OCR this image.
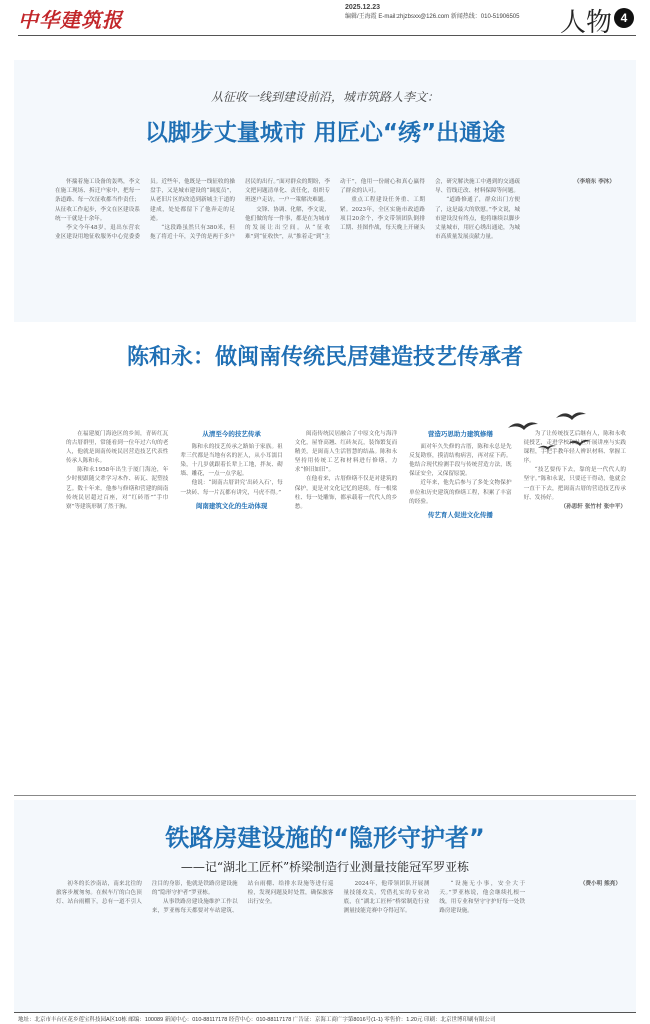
中华建筑报
2025.12.23
编辑/王海霞 E-mail:zhjzbsxx@126.com 新闻热线：010-51906505	人物 4
从征收一线到建设前沿，城市筑路人李文：
以脚步丈量城市 用匠心“绣”出通途

怀揣着施工设备的轰鸣，李文在施工现场、拆迁户家中，把每一条道路、每一次征收都当作责任；从征收工作起步，李文在区建设系统一干就是十余年。

李文今年48岁，退出东营农业区建设用地征收服务中心党委委员。近些年，他既是一线征收的操盘手，又是城市建设的“调度员”，从老旧片区的改造到新城主干道的建成，处处都留下了他奔走的足迹。

“这段路虽然只有380米，但拖了将近十年，关乎的是两千多户居民的出行。”面对群众的期盼，李文把问题清单化、责任化，组织专班逐户走访，一户一策解决难题。

交锋、协调、化解，李文说，他们做的每一件事，都是在为城市的发展让出空间。从“征收难”到“征收快”，从“推着走”到“主动干”，他用一份耐心和真心赢得了群众的认可。

重点工程建设任务重、工期紧。2023年，全区实施市政道路项目20余个，李文带领团队倒排工期、挂图作战，每天晚上开碰头会，研究解决施工中遇到的交通疏导、管线迁改、材料保障等问题。

“道路修通了，群众出门方便了，这是最大的欣慰。”李文说，城市建设没有终点，他将继续以脚步丈量城市，用匠心绣出通途，为城市高质量发展贡献力量。

（李培东 李沐）

陈和永：做闽南传统民居建造技艺传承者

在福建厦门海沧区的乡间，青砖红瓦的古厝群里，常能看到一位年过六旬的老人，他就是闽南传统民居营造技艺代表性传承人陈和永。

陈和永1958年出生于厦门海沧，年少时便跟随父辈学习木作、砖瓦、泥塑技艺。数十年来，他参与修缮和营建的闽南传统民居超过百座，对“红砖厝”“手巾寮”等建筑形制了然于胸。

从清至今的技艺传承

陈和永的技艺传承之路始于家族。祖辈三代都是当地有名的匠人，从小耳濡目染，十几岁就跟着长辈上工地，拌灰、砌墙、雕花，一点一点学起。

他说：“闽南古厝讲究‘出砖入石’，每一块砖、每一片瓦都有讲究，马虎不得。”

闽南建筑文化的生动体现

闽南传统民居融合了中原文化与海洋文化，屋脊高翘、红砖灰瓦，装饰繁复而精美，是闽南人生活智慧的结晶。陈和永坚持用传统工艺和材料进行修缮，力求“修旧如旧”。

在他看来，古厝修缮不仅是对建筑的保护，更是对文化记忆的延续。每一根梁柱、每一处雕饰，都承载着一代代人的乡愁。

营造巧思助力建筑修缮

面对年久失修的古厝，陈和永总是先反复勘察，摸清结构病害，再对症下药。他结合现代检测手段与传统营造方法，既保证安全，又保留原貌。

近年来，他先后参与了多处文物保护单位和历史建筑的修缮工程，积累了丰富的经验。

传艺育人促进文化传播

为了让传统技艺后继有人，陈和永收徒授艺，走进学校和社区开展讲座与实践课程，手把手教年轻人辨识材料、掌握工序。

“技艺要传下去，靠的是一代代人的坚守。”陈和永说，只要还干得动，他就会一直干下去，把闽南古厝的营造技艺传承好、发扬好。

（孙思轩 张竹村 张中平）

铁路房建设施的“隐形守护者”
——记“湖北工匠杯”桥梁制造行业测量技能冠军罗亚栋

初冬的长沙南站，南来北往的旅客步履匆匆。在候车厅的白色顶灯、站台雨棚下，总有一道不引人注目的身影，他就是铁路房建设施的“隐形守护者”罗亚栋。

从事铁路房建设施维护工作以来，罗亚栋每天都要对车站建筑、站台雨棚、给排水设施等进行巡检，发现问题及时处置，确保旅客出行安全。

2024年，他带领团队开展测量技能攻关，凭借扎实的专业功底，在“湖北工匠杯”桥梁制造行业测量技能竞赛中夺得冠军。

“设施无小事，安全大于天。”罗亚栋说，他会继续扎根一线，用专业和坚守守护好每一处铁路房建设施。

（费小明 熊亮）

地址：北京市丰台区花乡莲宝科技园A区10栋 邮编：100089 新闻中心：010-88117178 经营中心：010-88117178 广告证：京海工商广字第8016号(1-1) 零售价：1.20元 印刷：北京世博印刷有限公司
